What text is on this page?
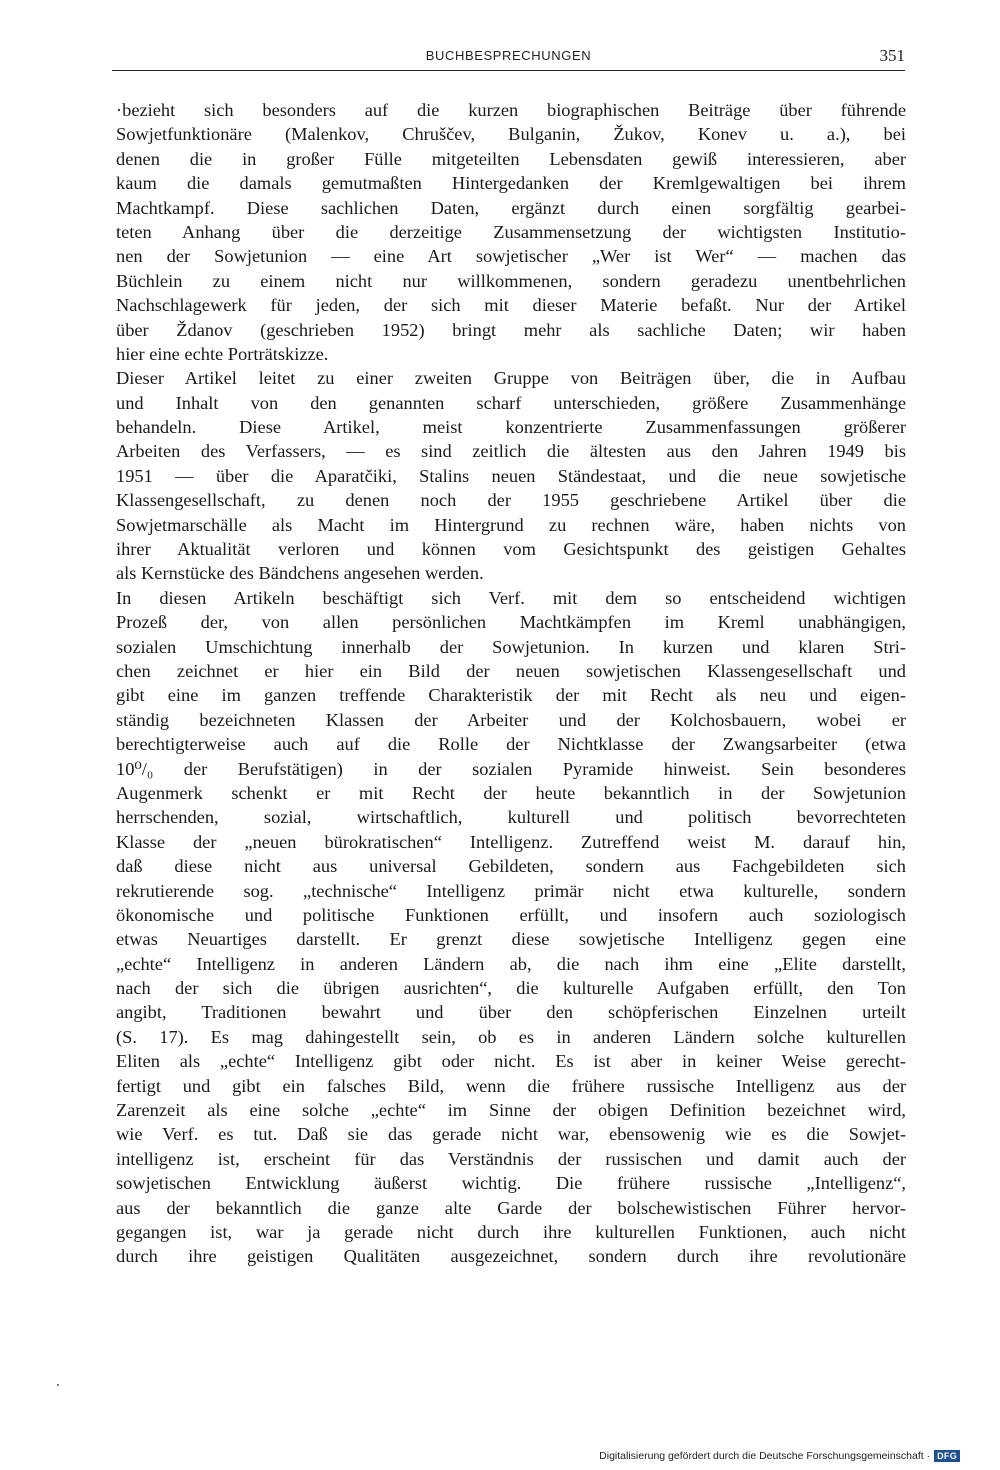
BUCHBESPRECHUNGEN	351
·bezieht sich besonders auf die kurzen biographischen Beiträge über führende
Sowjetfunktionäre (Malenkov, Chruščev, Bulganin, Žukov, Konev u. a.), bei
denen die in großer Fülle mitgeteilten Lebensdaten gewiß interessieren, aber
kaum die damals gemutmaßten Hintergedanken der Kremlgewaltigen bei ihrem
Machtkampf. Diese sachlichen Daten, ergänzt durch einen sorgfältig gearbei-
teten Anhang über die derzeitige Zusammensetzung der wichtigsten Institutio-
nen der Sowjetunion — eine Art sowjetischer „Wer ist Wer“ — machen das
Büchlein zu einem nicht nur willkommenen, sondern geradezu unentbehrlichen
Nachschlagewerk für jeden, der sich mit dieser Materie befaßt. Nur der Artikel
über Ždanov (geschrieben 1952) bringt mehr als sachliche Daten; wir haben
hier eine echte Porträtskizze.
Dieser Artikel leitet zu einer zweiten Gruppe von Beiträgen über, die in Aufbau
und Inhalt von den genannten scharf unterschieden, größere Zusammenhänge
behandeln. Diese Artikel, meist konzentrierte Zusammenfassungen größerer
Arbeiten des Verfassers, — es sind zeitlich die ältesten aus den Jahren 1949 bis
1951 — über die Aparatčiki, Stalins neuen Ständestaat, und die neue sowjetische
Klassengesellschaft, zu denen noch der 1955 geschriebene Artikel über die
Sowjetmarschälle als Macht im Hintergrund zu rechnen wäre, haben nichts von
ihrer Aktualität verloren und können vom Gesichtspunkt des geistigen Gehaltes
als Kernstücke des Bändchens angesehen werden.
In diesen Artikeln beschäftigt sich Verf. mit dem so entscheidend wichtigen
Prozeß der, von allen persönlichen Machtkämpfen im Kreml unabhängigen,
sozialen Umschichtung innerhalb der Sowjetunion. In kurzen und klaren Stri-
chen zeichnet er hier ein Bild der neuen sowjetischen Klassengesellschaft und
gibt eine im ganzen treffende Charakteristik der mit Recht als neu und eigen-
ständig bezeichneten Klassen der Arbeiter und der Kolchosbauern, wobei er
berechtigterweise auch auf die Rolle der Nichtklasse der Zwangsarbeiter (etwa
10⁰/₀ der Berufstätigen) in der sozialen Pyramide hinweist. Sein besonderes
Augenmerk schenkt er mit Recht der heute bekanntlich in der Sowjetunion
herrschenden, sozial, wirtschaftlich, kulturell und politisch bevorrechteten
Klasse der „neuen bürokratischen“ Intelligenz. Zutreffend weist M. darauf hin,
daß diese nicht aus universal Gebildeten, sondern aus Fachgebildeten sich
rekrutierende sog. „technische“ Intelligenz primär nicht etwa kulturelle, sondern
ökonomische und politische Funktionen erfüllt, und insofern auch soziologisch
etwas Neuartiges darstellt. Er grenzt diese sowjetische Intelligenz gegen eine
„echte“ Intelligenz in anderen Ländern ab, die nach ihm eine „Elite darstellt,
nach der sich die übrigen ausrichten“, die kulturelle Aufgaben erfüllt, den Ton
angibt, Traditionen bewahrt und über den schöpferischen Einzelnen urteilt
(S. 17). Es mag dahingestellt sein, ob es in anderen Ländern solche kulturellen
Eliten als „echte“ Intelligenz gibt oder nicht. Es ist aber in keiner Weise gerecht-
fertigt und gibt ein falsches Bild, wenn die frühere russische Intelligenz aus der
Zarenzeit als eine solche „echte“ im Sinne der obigen Definition bezeichnet wird,
wie Verf. es tut. Daß sie das gerade nicht war, ebensowenig wie es die Sowjet-
intelligenz ist, erscheint für das Verständnis der russischen und damit auch der
sowjetischen Entwicklung äußerst wichtig. Die frühere russische „Intelligenz“,
aus der bekanntlich die ganze alte Garde der bolschewistischen Führer hervor-
gegangen ist, war ja gerade nicht durch ihre kulturellen Funktionen, auch nicht
durch ihre geistigen Qualitäten ausgezeichnet, sondern durch ihre revolutionäre
Digitalisierung gefördert durch die Deutsche Forschungsgemeinschaft · DFG
